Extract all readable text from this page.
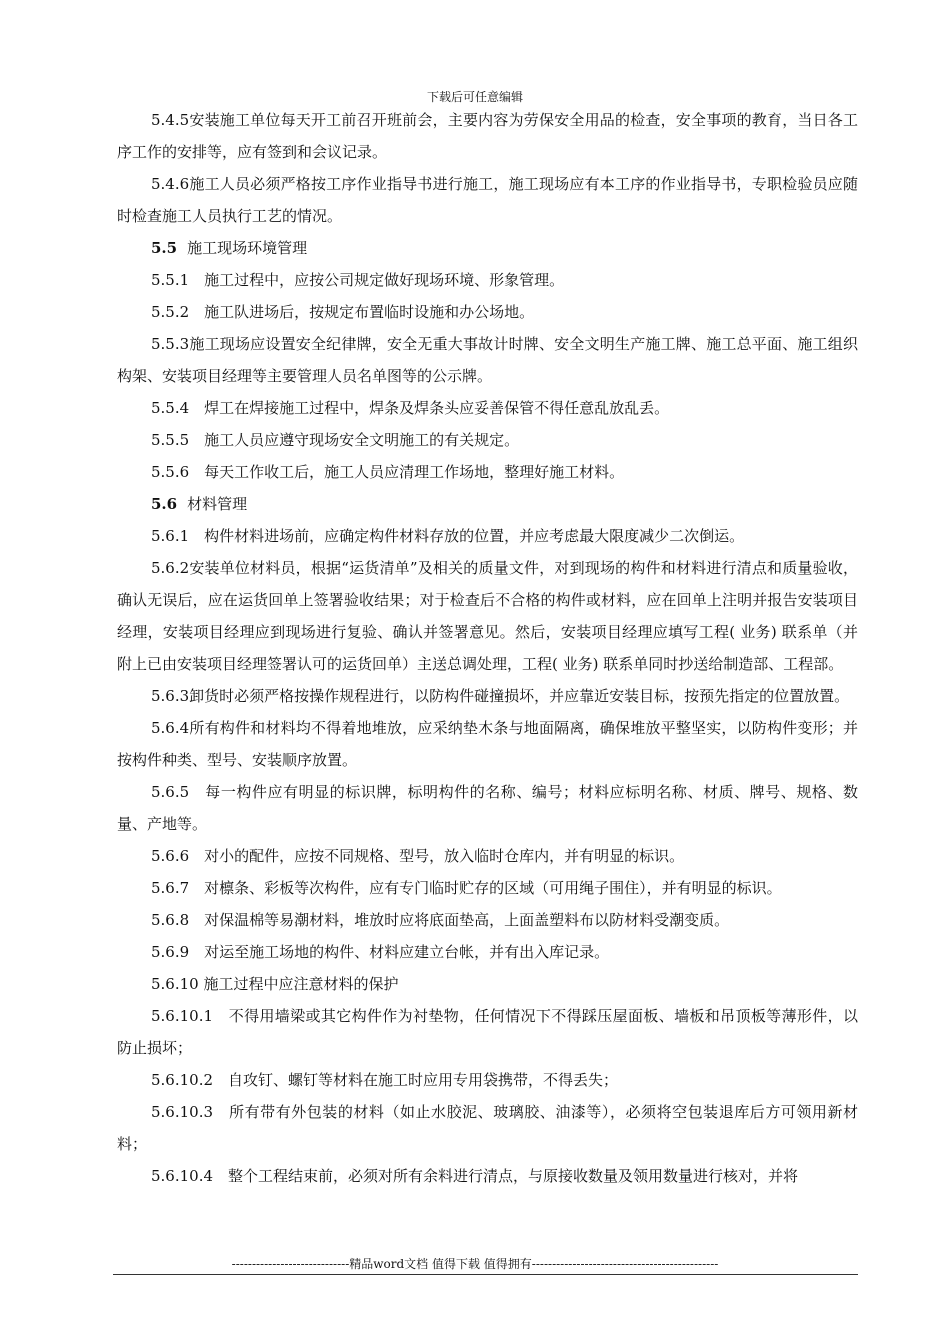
下载后可任意编辑

5.4.5安装施工单位每天开工前召开班前会，主要内容为劳保安全用品的检查，安全事项的教育，当日各工序工作的安排等，应有签到和会议记录。

5.4.6施工人员必须严格按工序作业指导书进行施工，施工现场应有本工序的作业指导书，专职检验员应随时检查施工人员执行工艺的情况。

5.5 施工现场环境管理

5.5.1　施工过程中，应按公司规定做好现场环境、形象管理。

5.5.2　施工队进场后，按规定布置临时设施和办公场地。

5.5.3施工现场应设置安全纪律牌，安全无重大事故计时牌、安全文明生产施工牌、施工总平面、施工组织构架、安装项目经理等主要管理人员名单图等的公示牌。

5.5.4　焊工在焊接施工过程中，焊条及焊条头应妥善保管不得任意乱放乱丢。

5.5.5　施工人员应遵守现场安全文明施工的有关规定。

5.5.6　每天工作收工后，施工人员应清理工作场地，整理好施工材料。

5.6 材料管理

5.6.1　构件材料进场前，应确定构件材料存放的位置，并应考虑最大限度减少二次倒运。

5.6.2安装单位材料员，根据“运货清单”及相关的质量文件，对到现场的构件和材料进行清点和质量验收，确认无误后，应在运货回单上签署验收结果；对于检查后不合格的构件或材料，应在回单上注明并报告安装项目经理，安装项目经理应到现场进行复验、确认并签署意见。然后，安装项目经理应填写工程( 业务) 联系单（并附上已由安装项目经理签署认可的运货回单）主送总调处理，工程( 业务) 联系单同时抄送给制造部、工程部。

5.6.3卸货时必须严格按操作规程进行，以防构件碰撞损坏，并应靠近安装目标，按预先指定的位置放置。

5.6.4所有构件和材料均不得着地堆放，应采纳垫木条与地面隔离，确保堆放平整坚实，以防构件变形；并按构件种类、型号、安装顺序放置。

5.6.5　每一构件应有明显的标识牌，标明构件的名称、编号；材料应标明名称、材质、牌号、规格、数量、产地等。

5.6.6　对小的配件，应按不同规格、型号，放入临时仓库内，并有明显的标识。

5.6.7　对檩条、彩板等次构件，应有专门临时贮存的区域（可用绳子围住），并有明显的标识。

5.6.8　对保温棉等易潮材料，堆放时应将底面垫高，上面盖塑料布以防材料受潮变质。

5.6.9　对运至施工场地的构件、材料应建立台帐，并有出入库记录。

5.6.10 施工过程中应注意材料的保护

5.6.10.1　不得用墙梁或其它构件作为衬垫物，任何情况下不得踩压屋面板、墙板和吊顶板等薄形件，以防止损坏；

5.6.10.2　自攻钉、螺钉等材料在施工时应用专用袋携带，不得丢失；

5.6.10.3　所有带有外包装的材料（如止水胶泥、玻璃胶、油漆等），必须将空包装退库后方可领用新材料；

5.6.10.4　整个工程结束前，必须对所有余料进行清点，与原接收数量及领用数量进行核对，并将

-----------------------------精品word文档 值得下载 值得拥有----------------------------------------------
